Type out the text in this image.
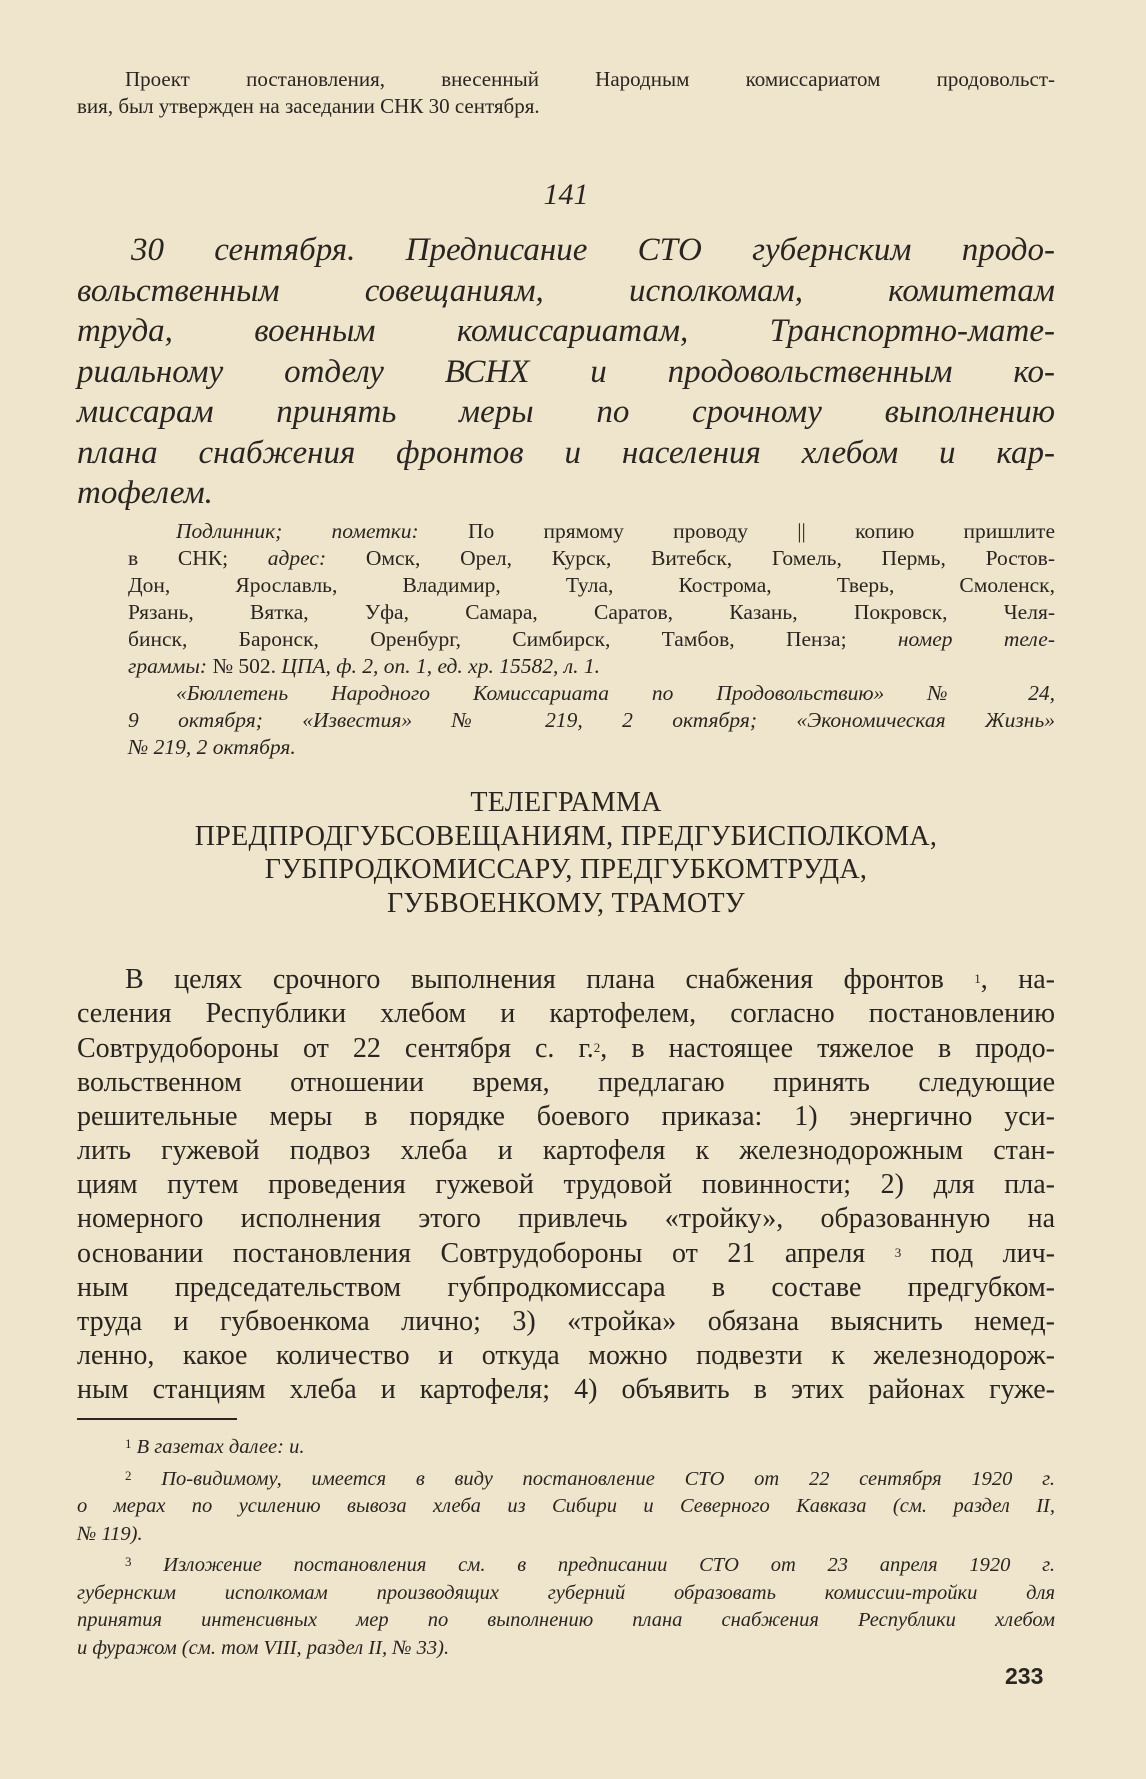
Проект постановления, внесенный Народным комиссариатом продовольст-
вия, был утвержден на заседании СНК 30 сентября.
141
30 сентября. Предписание СТО губернским продо-
вольственным совещаниям, исполкомам, комитетам
труда, военным комиссариатам, Транспортно-мате-
риальному отделу ВСНХ и продовольственным ко-
миссарам принять меры по срочному выполнению
плана снабжения фронтов и населения хлебом и кар-
тофелем.
Подлинник; пометки: По прямому проводу || копию пришлите
в СНК; адрес: Омск, Орел, Курск, Витебск, Гомель, Пермь, Ростов-
Дон, Ярославль, Владимир, Тула, Кострома, Тверь, Смоленск,
Рязань, Вятка, Уфа, Самара, Саратов, Казань, Покровск, Челя-
бинск, Баронск, Оренбург, Симбирск, Тамбов, Пенза; номер теле-
граммы: № 502. ЦПА, ф. 2, оп. 1, ед. хр. 15582, л. 1.
«Бюллетень Народного Комиссариата по Продовольствию» № 24,
9 октября; «Известия» № 219, 2 октября; «Экономическая Жизнь»
№ 219, 2 октября.
ТЕЛЕГРАММА
ПРЕДПРОДГУБСОВЕЩАНИЯМ, ПРЕДГУБИСПОЛКОМА,
ГУБПРОДКОМИССАРУ, ПРЕДГУБКОМТРУДА,
ГУБВОЕНКОМУ, ТРАМОТУ
В целях срочного выполнения плана снабжения фронтов $^1$, на-
селения Республики хлебом и картофелем, согласно постановлению
Совтрудобороны от 22 сентября с. г.$^2$, в настоящее тяжелое в продо-
вольственном отношении время, предлагаю принять следующие
решительные меры в порядке боевого приказа: 1) энергично уси-
лить гужевой подвоз хлеба и картофеля к железнодорожным стан-
циям путем проведения гужевой трудовой повинности; 2) для пла-
номерного исполнения этого привлечь «тройку», образованную на
основании постановления Совтрудобороны от 21 апреля $^3$ под лич-
ным председательством губпродкомиссара в составе предгубком-
труда и губвоенкома лично; 3) «тройка» обязана выяснить немед-
ленно, какое количество и откуда можно подвезти к железнодорож-
ным станциям хлеба и картофеля; 4) объявить в этих районах гуже-
$^1$ В газетах далее: и.
$^2$ По-видимому, имеется в виду постановление СТО от 22 сентября 1920 г.
о мерах по усилению вывоза хлеба из Сибири и Северного Кавказа (см. раздел II,
№ 119).
$^3$ Изложение постановления см. в предписании СТО от 23 апреля 1920 г.
губернским исполкомам производящих губерний образовать комиссии-тройки для
принятия интенсивных мер по выполнению плана снабжения Республики хлебом
и фуражом (см. том VIII, раздел II, № 33).
233
